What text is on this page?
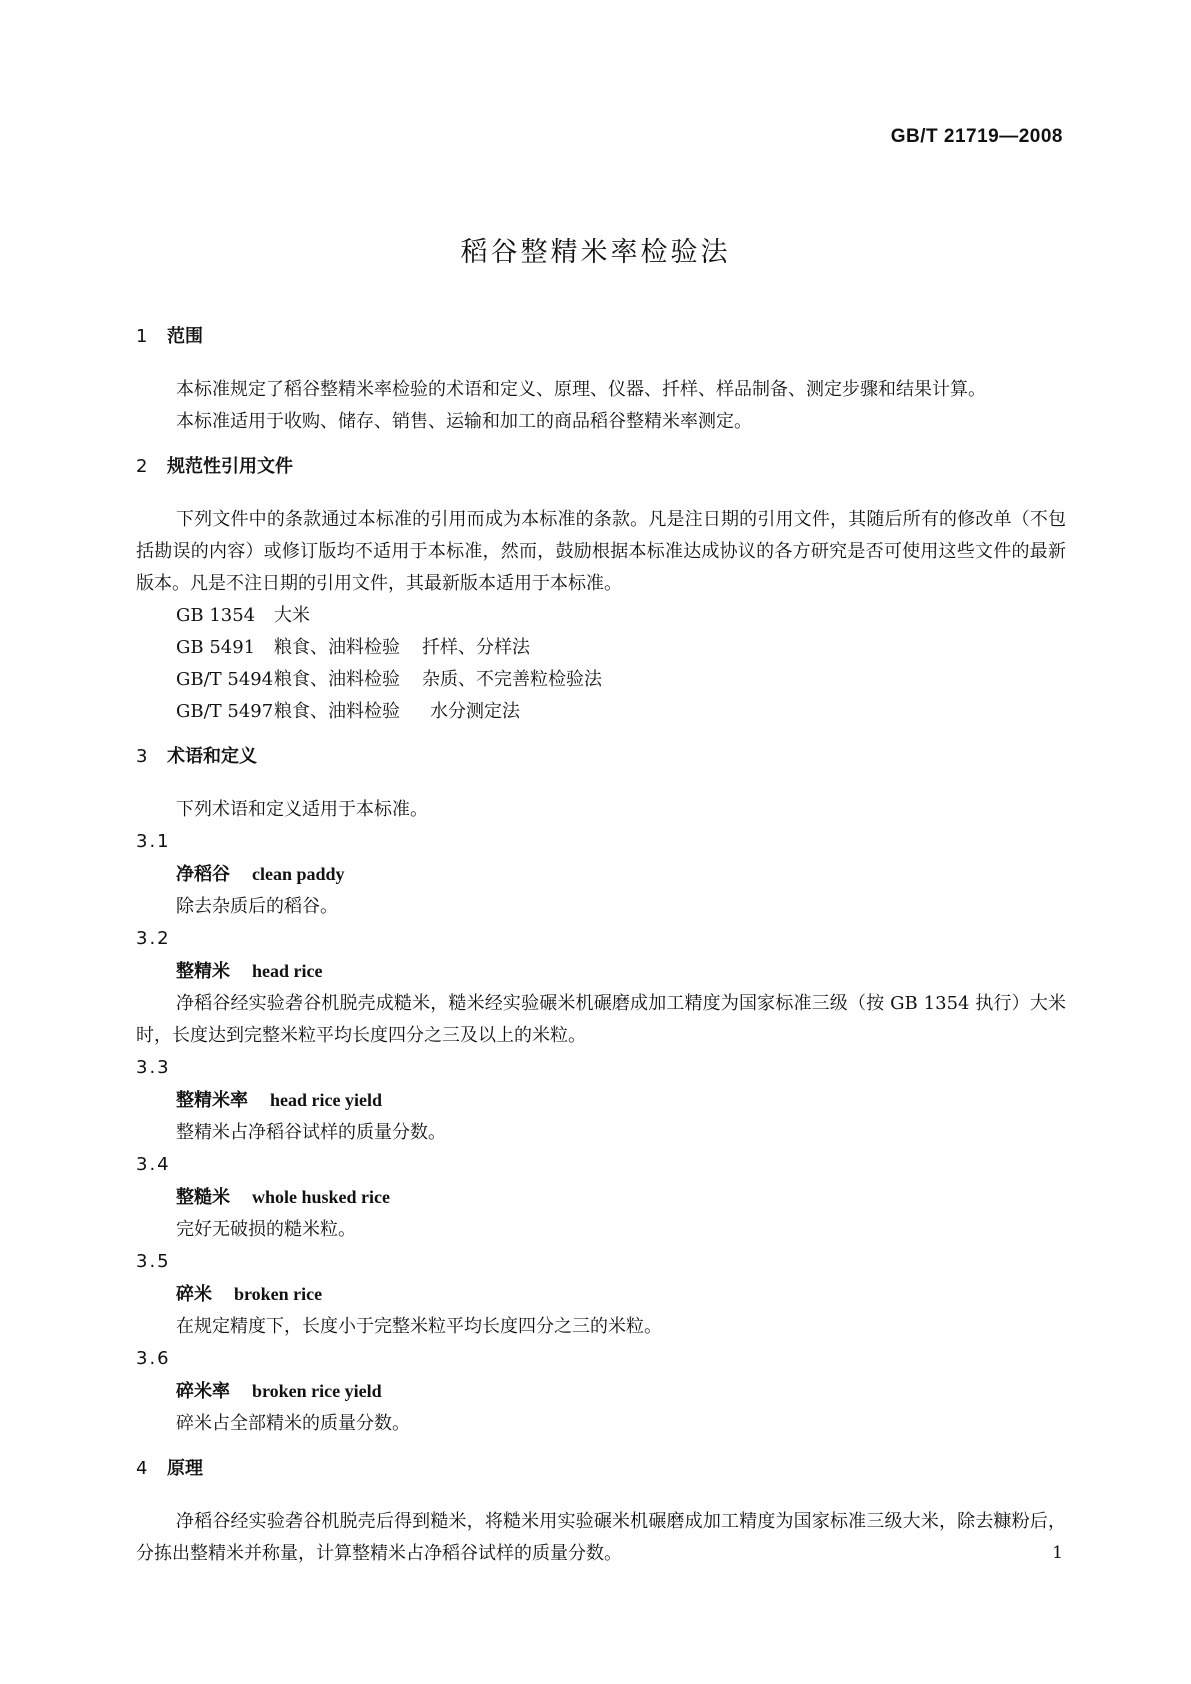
GB/T 21719—2008
稻谷整精米率检验法
1 范围

本标准规定了稻谷整精米率检验的术语和定义、原理、仪器、扦样、样品制备、测定步骤和结果计算。

本标准适用于收购、储存、销售、运输和加工的商品稻谷整精米率测定。

2 规范性引用文件

下列文件中的条款通过本标准的引用而成为本标准的条款。凡是注日期的引用文件，其随后所有的修改单（不包括勘误的内容）或修订版均不适用于本标准，然而，鼓励根据本标准达成协议的各方研究是否可使用这些文件的最新版本。凡是不注日期的引用文件，其最新版本适用于本标准。

GB 1354 大米
GB 5491 粮食、油料检验 扦样、分样法
GB/T 5494粮食、油料检验 杂质、不完善粒检验法
GB/T 5497粮食、油料检验 水分测定法
3 术语和定义

下列术语和定义适用于本标准。

3.1
净稻谷 clean paddy
除去杂质后的稻谷。
3.2
整精米 head rice
净稻谷经实验砻谷机脱壳成糙米，糙米经实验碾米机碾磨成加工精度为国家标准三级（按 GB 1354 执行）大米时，长度达到完整米粒平均长度四分之三及以上的米粒。
3.3
整精米率 head rice yield
整精米占净稻谷试样的质量分数。
3.4
整糙米 whole husked rice
完好无破损的糙米粒。
3.5
碎米 broken rice
在规定精度下，长度小于完整米粒平均长度四分之三的米粒。
3.6
碎米率 broken rice yield
碎米占全部精米的质量分数。
4 原理

净稻谷经实验砻谷机脱壳后得到糙米，将糙米用实验碾米机碾磨成加工精度为国家标准三级大米，除去糠粉后，分拣出整精米并称量，计算整精米占净稻谷试样的质量分数。	1
